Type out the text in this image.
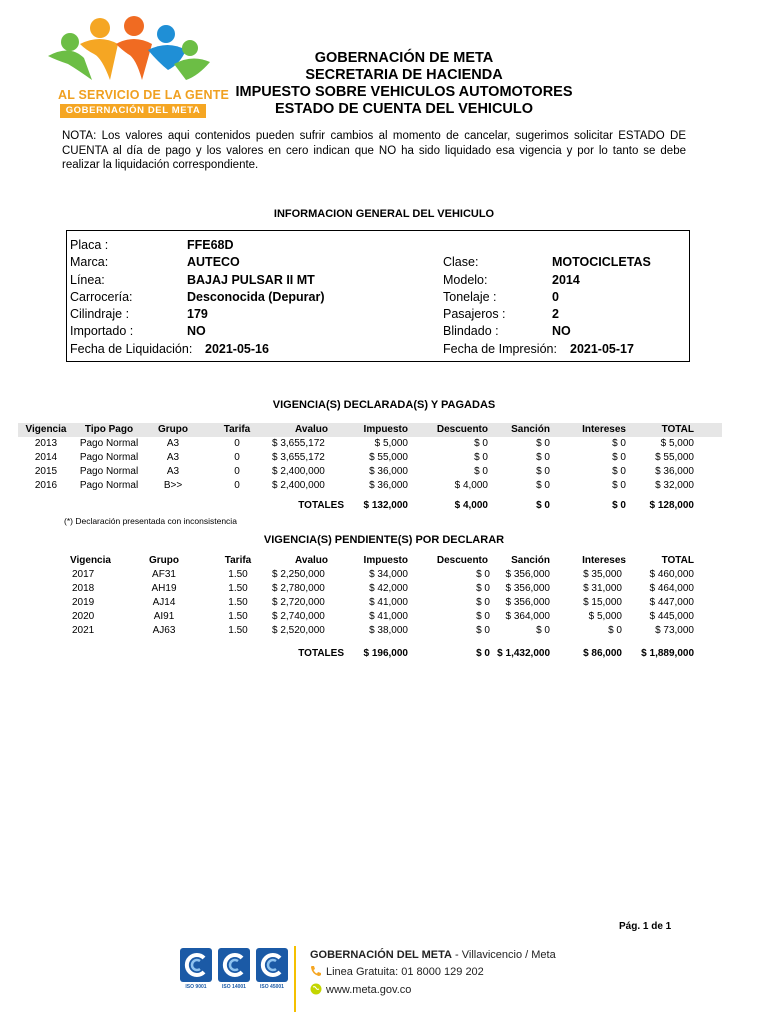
AL SERVICIO DE LA GENTE
GOBERNACIÓN DEL META
GOBERNACIÓN DE META
SECRETARIA DE HACIENDA
IMPUESTO SOBRE VEHICULOS AUTOMOTORES
ESTADO DE CUENTA DEL VEHICULO
NOTA: Los valores aqui contenidos pueden sufrir cambios al momento de cancelar, sugerimos solicitar ESTADO DE CUENTA al día de pago y los valores en cero indican que NO ha sido liquidado esa vigencia y por lo tanto se debe realizar la liquidación correspondiente.
INFORMACION GENERAL DEL VEHICULO
Placa :	FFE68D
Marca:	AUTECO	Clase:	MOTOCICLETAS
Línea:	BAJAJ PULSAR II MT	Modelo:	2014
Carrocería:	Desconocida (Depurar)	Tonelaje :	0
Cilindraje :	179	Pasajeros :	2
Importado :	NO	Blindado :	NO
Fecha de Liquidación: 2021-05-16	Fecha de Impresión: 2021-05-17
VIGENCIA(S) DECLARADA(S) Y PAGADAS
Vigencia	Tipo Pago	Grupo	Tarifa	Avaluo	Impuesto	Descuento	Sanción	Intereses	TOTAL
2013	Pago Normal	A3	0	$ 3,655,172	$ 5,000	$ 0	$ 0	$ 0	$ 5,000
2014	Pago Normal	A3	0	$ 3,655,172	$ 55,000	$ 0	$ 0	$ 0	$ 55,000
2015	Pago Normal	A3	0	$ 2,400,000	$ 36,000	$ 0	$ 0	$ 0	$ 36,000
2016	Pago Normal	B>>	0	$ 2,400,000	$ 36,000	$ 4,000	$ 0	$ 0	$ 32,000
TOTALES	$ 132,000	$ 4,000	$ 0	$ 0	$ 128,000
(*) Declaración presentada con inconsistencia
VIGENCIA(S) PENDIENTE(S) POR DECLARAR
Vigencia	Grupo	Tarifa	Avaluo	Impuesto	Descuento	Sanción	Intereses	TOTAL
2017	AF31	1.50	$ 2,250,000	$ 34,000	$ 0	$ 356,000	$ 35,000	$ 460,000
2018	AH19	1.50	$ 2,780,000	$ 42,000	$ 0	$ 356,000	$ 31,000	$ 464,000
2019	AJ14	1.50	$ 2,720,000	$ 41,000	$ 0	$ 356,000	$ 15,000	$ 447,000
2020	AI91	1.50	$ 2,740,000	$ 41,000	$ 0	$ 364,000	$ 5,000	$ 445,000
2021	AJ63	1.50	$ 2,520,000	$ 38,000	$ 0	$ 0	$ 0	$ 73,000
TOTALES	$ 196,000	$ 0 $ 1,432,000	$ 86,000	$ 1,889,000
Pág. 1 de 1
ISO 9001	ISO 14001	ISO 45001
GOBERNACIÓN DEL META - Villavicencio / Meta
Linea Gratuita: 01 8000 129 202
www.meta.gov.co
